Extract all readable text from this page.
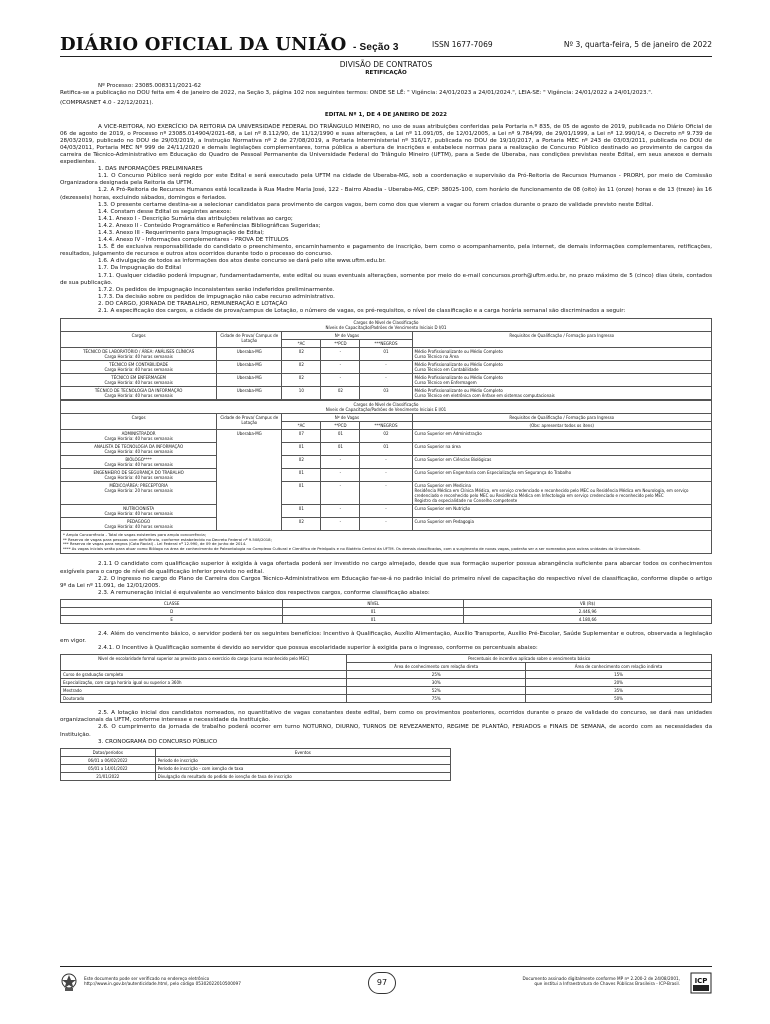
DIÁRIO OFICIAL DA UNIÃO - Seção 3	ISSN 1677-7069	Nº 3, quarta-feira, 5 de janeiro de 2022
DIVISÃO DE CONTRATOS
RETIFICAÇÃO

Nº Processo: 23085.008311/2021-62

Retifica-se a publicação no DOU feita em 4 de janeiro de 2022, na Seção 3, página 102 nos seguintes termos: ONDE SE LÊ: " Vigência: 24/01/2023 a 24/01/2024.", LEIA-SE: " Vigência: 24/01/2022 a 24/01/2023.".

(COMPRASNET 4.0 - 22/12/2021).

EDITAL Nº 1, DE 4 DE JANEIRO DE 2022

A VICE-REITORA, NO EXERCÍCIO DA REITORIA DA UNIVERSIDADE FEDERAL DO TRIÂNGULO MINEIRO, no uso de suas atribuições conferidas pela Portaria n.º 835, de 05 de agosto de 2019, publicada no Diário Oficial de 06 de agosto de 2019, o Processo nº 23085.014904/2021-68, a Lei nº 8.112/90, de 11/12/1990 e suas alterações, a Lei nº 11.091/05, de 12/01/2005, a Lei nº 9.784/99, de 29/01/1999, a Lei nº 12.990/14, o Decreto nº 9.739 de 28/03/2019, publicado no DOU de 29/03/2019, a Instrução Normativa nº 2 de 27/08/2019, a Portaria Interministerial nº 316/17, publicada no DOU de 19/10/2017, a Portaria MEC nº 243 de 03/03/2011, publicada no DOU de 04/03/2011, Portaria MEC Nº 999 de 24/11/2020 e demais legislações complementares, torna pública a abertura de inscrições e estabelece normas para a realização de Concurso Público destinado ao provimento de cargos da carreira de Técnico-Administrativo em Educação do Quadro de Pessoal Permanente da Universidade Federal do Triângulo Mineiro (UFTM), para a Sede de Uberaba, nas condições previstas neste Edital, em seus anexos e demais expedientes.

1. DAS INFORMAÇÕES PRELIMINARES

1.1. O Concurso Público será regido por este Edital e será executado pela UFTM na cidade de Uberaba-MG, sob a coordenação e supervisão da Pró-Reitoria de Recursos Humanos - PRORH, por meio de Comissão Organizadora designada pela Reitoria da UFTM.

1.2. A Pró-Reitoria de Recursos Humanos está localizada à Rua Madre Maria José, 122 - Bairro Abadia - Uberaba-MG, CEP: 38025-100, com horário de funcionamento de 08 (oito) às 11 (onze) horas e de 13 (treze) às 16 (dezesseis) horas, excluindo sábados, domingos e feriados.

1.3. O presente certame destina-se a selecionar candidatos para provimento de cargos vagos, bem como dos que vierem a vagar ou forem criados durante o prazo de validade previsto neste Edital.

1.4. Constam desse Edital os seguintes anexos:

1.4.1. Anexo I - Descrição Sumária das atribuições relativas ao cargo;

1.4.2. Anexo II - Conteúdo Programático e Referências Bibliográficas Sugeridas;

1.4.3. Anexo III - Requerimento para Impugnação de Edital;

1.4.4. Anexo IV - Informações complementares - PROVA DE TÍTULOS

1.5. É de exclusiva responsabilidade do candidato o preenchimento, encaminhamento e pagamento de inscrição, bem como o acompanhamento, pela internet, de demais informações complementares, retificações, resultados, julgamento de recursos e outros atos ocorridos durante todo o processo do concurso.

1.6. A divulgação de todos as informações dos atos deste concurso se dará pelo site www.uftm.edu.br.

1.7. Da Impugnação do Edital

1.7.1. Qualquer cidadão poderá impugnar, fundamentadamente, este edital ou suas eventuais alterações, somente por meio do e-mail concursos.prorh@uftm.edu.br, no prazo máximo de 5 (cinco) dias úteis, contados de sua publicação.

1.7.2. Os pedidos de impugnação inconsistentes serão indeferidos preliminarmente.

1.7.3. Da decisão sobre os pedidos de impugnação não cabe recurso administrativo.

2. DO CARGO, JORNADA DE TRABALHO, REMUNERAÇÃO E LOTAÇÃO

2.1. A especificação dos cargos, a cidade de prova/campus de Lotação, o número de vagas, os pré-requisitos, o nível de classificação e a carga horária semanal são discriminados a seguir:

Cargos de Nível de Classificação
Níveis de Capacitação/Padrões de Vencimento Iniciais D I/01					

Cargos	Cidade de Prova/ Campus de Lotação	Nº de Vagas			Requisitos de Qualificação / Formação para Ingresso
		*AC	**PCD	***NEGROS	

TÉCNICO DE LABORATÓRIO / ÁREA: ANÁLISES CLÍNICAS
Carga Horária: 40 horas semanais	Uberaba-MG	02	-	01	Médio Profissionalizante ou Médio Completo
Curso Técnico na Área

TÉCNICO EM CONTABILIDADE
Carga Horária: 40 horas semanais	Uberaba-MG	02	-	-	Médio Profissionalizante ou Médio Completo
Curso Técnico em Contabilidade

TÉCNICO EM ENFERMAGEM
Carga Horária: 40 horas semanais	Uberaba-MG	02	-	-	Médio Profissionalizante ou Médio Completo
Curso Técnico em Enfermagem

TÉCNICO DE TECNOLOGIA DA INFORMAÇÃO
Carga Horária: 40 horas semanais	Uberaba-MG	10	02	03	Médio Profissionalizante ou Médio Completo
Curso Técnico em eletrônica com ênfase em sistemas computacionais
Cargos de Nível de Classificação
Níveis de Capacitação/Padrões de Vencimento Iniciais E I/01					

Cargos	Cidade de Prova/ Campus de Lotação	Nº de Vagas			Requisitos de Qualificação / Formação para Ingresso
		*AC	**PCD	***NEGROS	(Obs: apresentar todos os itens)

ADMINISTRADOR
Carga Horária: 40 horas semanais	Uberaba-MG	07	01	02	Curso Superior em Administração

ANALISTA DE TECNOLOGIA DA INFORMAÇÃO
Carga Horária: 40 horas semanais		01	01	01	Curso Superior na área

BIÓLOGO****
Carga Horária: 40 horas semanais		02	-	-	Curso Superior em Ciências Biológicas

ENGENHEIRO DE SEGURANÇA DO TRABALHO
Carga Horária: 40 horas semanais		01	-	-	Curso Superior em Engenharia com Especialização em Segurança do Trabalho

MÉDICO/ÁREA: PRECEPTORIA
Carga Horária: 20 horas semanais		01	-	-	Curso Superior em Medicina
Residência Médica em Clínica Médica, em serviço credenciado e reconhecido pelo MEC ou Residência Médica em Neurologia, em serviço credenciado e reconhecido pelo MEC ou Residência Médica em Infectologia em serviço credenciado e reconhecido pelo MEC
Registro da especialidade no Conselho competente

NUTRICIONISTA
Carga Horária: 40 horas semanais		01	-	-	Curso Superior em Nutrição

PEDAGOGO
Carga Horária: 40 horas semanais		02	-	-	Curso Superior em Pedagogia
* Ampla Concorrência - Total de vagas existentes para ampla concorrência;
** Reserva de vagas para pessoas com deficiência, conforme estabelecido no Decreto Federal nº 9.508/2018;
*** Reserva de vagas para negros (Cota Racial) - Lei Federal nº 12.990, de 09 de junho de 2014.
**** As vagas iniciais serão para atuar como Biólogo na área de conhecimento de Paleontologia no Complexo Cultural e Científico de Peirópolis e no Biotério Central da UFTM. Os demais classificados, com o surgimento de novas vagas, poderão ser a ser nomeados para outras unidades da Universidade.

2.1.1 O candidato com qualificação superior à exigida à vaga ofertada poderá ser investido no cargo almejado, desde que sua formação superior possua abrangência suficiente para abarcar todos os conhecimentos exigíveis para o cargo de nível de qualificação inferior previsto no edital.

2.2. O ingresso no cargo do Plano de Carreira dos Cargos Técnico-Administrativos em Educação far-se-á no padrão inicial do primeiro nível de capacitação do respectivo nível de classificação, conforme dispõe o artigo 9º da Lei nº 11.091, de 12/01/2005.

2.3. A remuneração inicial é equivalente ao vencimento básico dos respectivos cargos, conforme classificação abaixo:

CLASSE	NÍVEL	VB (R$)
D	01	2.446,96
E	01	4.180,66

2.4. Além do vencimento básico, o servidor poderá ter os seguintes benefícios: Incentivo à Qualificação, Auxílio Alimentação, Auxílio Transporte, Auxílio Pré-Escolar, Saúde Suplementar e outros, observada a legislação em vigor.

2.4.1. O Incentivo à Qualificação somente é devido ao servidor que possua escolaridade superior à exigida para o ingresso, conforme os percentuais abaixo:

Nível de escolaridade formal superior ao previsto para o exercício do cargo (curso reconhecido pelo MEC)	Percentuais de incentivo aplicado sobre o vencimento básico	
	Área de conhecimento com relação direta	Área de conhecimento com relação indireta
Curso de graduação completo	25%	15%
Especialização, com carga horária igual ou superior a 360h	30%	20%
Mestrado	52%	35%
Doutorado	75%	50%

2.5. A lotação inicial dos candidatos nomeados, no quantitativo de vagas constantes deste edital, bem como os provimentos posteriores, ocorridos durante o prazo de validade do concurso, se dará nas unidades organizacionais da UFTM, conforme interesse e necessidade da Instituição.

2.6. O cumprimento da jornada de trabalho poderá ocorrer em turno NOTURNO, DIURNO, TURNOS DE REVEZAMENTO, REGIME DE PLANTÃO, FERIADOS e FINAIS DE SEMANA, de acordo com as necessidades da Instituição.

3. CRONOGRAMA DO CONCURSO PÚBLICO

Datas/períodos	Eventos
06/01 a 06/02/2022	Período de inscrição
05/01 a 14/01/2022	Período de inscrição - com isenção de taxa
21/01/2022	Divulgação do resultado do pedido de isenção de taxa de inscrição
Este documento pode ser verificado no endereço eletrônico
http://www.in.gov.br/autenticidade.html, pelo código 05302022010500097	97	Documento assinado digitalmente conforme MP nº 2.200-2 de 24/08/2001,
que institui a Infraestrutura de Chaves Públicas Brasileira - ICP-Brasil. ICP
